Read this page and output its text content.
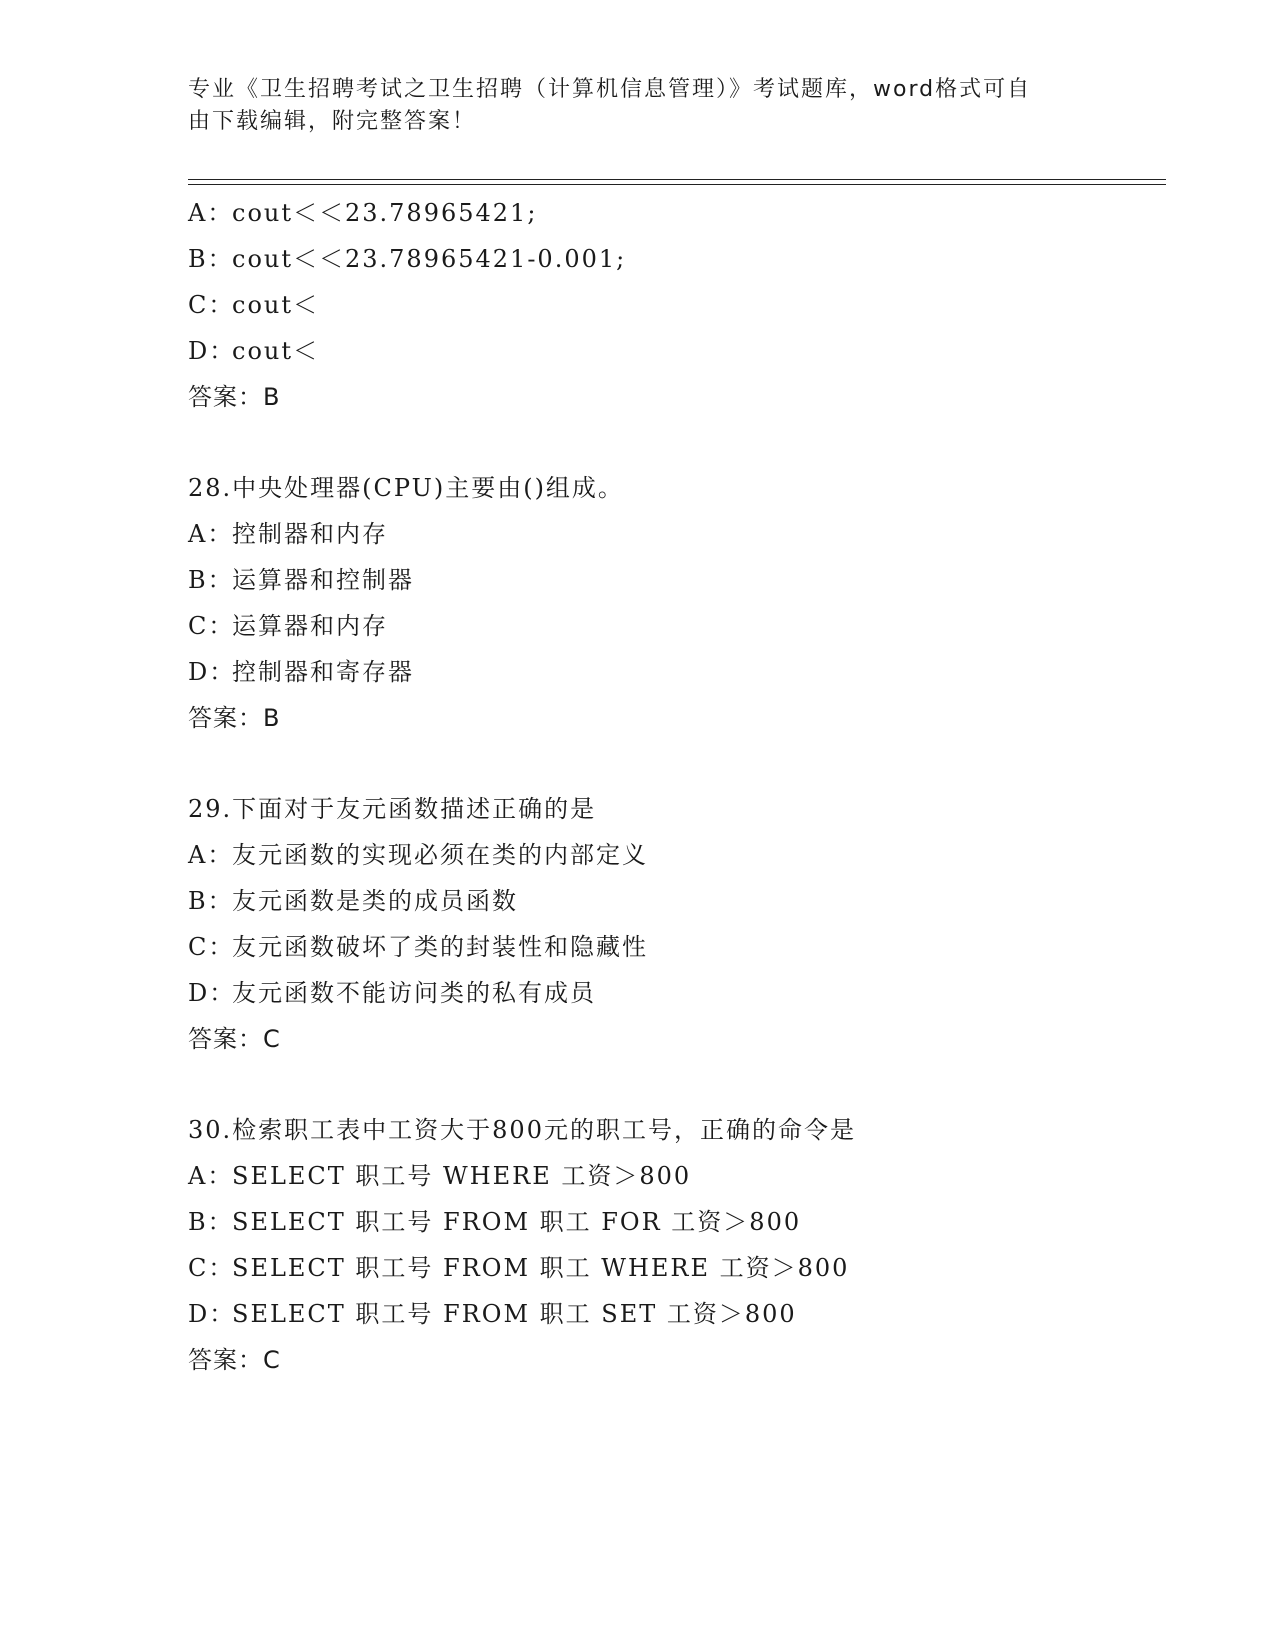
专业《卫生招聘考试之卫生招聘（计算机信息管理）》考试题库，word格式可自
由下载编辑，附完整答案！
A：cout＜＜23.78965421;
B：cout＜＜23.78965421-0.001;
C：cout＜
D：cout＜
答案：B
28.中央处理器(CPU)主要由()组成。
A：控制器和内存
B：运算器和控制器
C：运算器和内存
D：控制器和寄存器
答案：B
29.下面对于友元函数描述正确的是
A：友元函数的实现必须在类的内部定义
B：友元函数是类的成员函数
C：友元函数破坏了类的封装性和隐藏性
D：友元函数不能访问类的私有成员
答案：C
30.检索职工表中工资大于800元的职工号，正确的命令是
A：SELECT 职工号 WHERE 工资＞800
B：SELECT 职工号 FROM 职工 FOR 工资＞800
C：SELECT 职工号 FROM 职工 WHERE 工资＞800
D：SELECT 职工号 FROM 职工 SET 工资＞800
答案：C
